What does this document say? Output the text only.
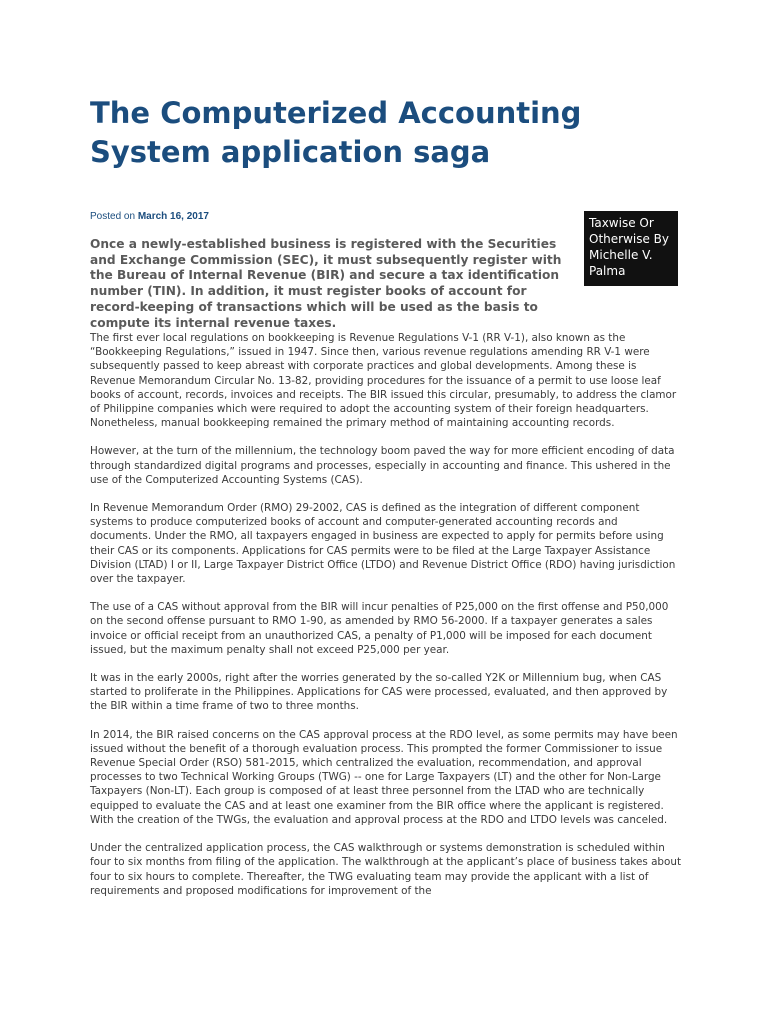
The Computerized Accounting System application saga
Posted on March 16, 2017	Taxwise Or Otherwise By Michelle V. Palma

Once a newly-established business is registered with the Securities and Exchange Commission (SEC), it must subsequently register with the Bureau of Internal Revenue (BIR) and secure a tax identification number (TIN). In addition, it must register books of account for record-keeping of transactions which will be used as the basis to compute its internal revenue taxes.

The first ever local regulations on bookkeeping is Revenue Regulations V-1 (RR V-1), also known as the “Bookkeeping Regulations,” issued in 1947. Since then, various revenue regulations amending RR V-1 were subsequently passed to keep abreast with corporate practices and global developments. Among these is Revenue Memorandum Circular No. 13-82, providing procedures for the issuance of a permit to use loose leaf books of account, records, invoices and receipts. The BIR issued this circular, presumably, to address the clamor of Philippine companies which were required to adopt the accounting system of their foreign headquarters. Nonetheless, manual bookkeeping remained the primary method of maintaining accounting records.

However, at the turn of the millennium, the technology boom paved the way for more efficient encoding of data through standardized digital programs and processes, especially in accounting and finance. This ushered in the use of the Computerized Accounting Systems (CAS).

In Revenue Memorandum Order (RMO) 29-2002, CAS is defined as the integration of different component systems to produce computerized books of account and computer-generated accounting records and documents. Under the RMO, all taxpayers engaged in business are expected to apply for permits before using their CAS or its components. Applications for CAS permits were to be filed at the Large Taxpayer Assistance Division (LTAD) I or II, Large Taxpayer District Office (LTDO) and Revenue District Office (RDO) having jurisdiction over the taxpayer.

The use of a CAS without approval from the BIR will incur penalties of P25,000 on the first offense and P50,000 on the second offense pursuant to RMO 1-90, as amended by RMO 56-2000. If a taxpayer generates a sales invoice or official receipt from an unauthorized CAS, a penalty of P1,000 will be imposed for each document issued, but the maximum penalty shall not exceed P25,000 per year.

It was in the early 2000s, right after the worries generated by the so-called Y2K or Millennium bug, when CAS started to proliferate in the Philippines. Applications for CAS were processed, evaluated, and then approved by the BIR within a time frame of two to three months.

In 2014, the BIR raised concerns on the CAS approval process at the RDO level, as some permits may have been issued without the benefit of a thorough evaluation process. This prompted the former Commissioner to issue Revenue Special Order (RSO) 581-2015, which centralized the evaluation, recommendation, and approval processes to two Technical Working Groups (TWG) -- one for Large Taxpayers (LT) and the other for Non-Large Taxpayers (Non-LT). Each group is composed of at least three personnel from the LTAD who are technically equipped to evaluate the CAS and at least one examiner from the BIR office where the applicant is registered. With the creation of the TWGs, the evaluation and approval process at the RDO and LTDO levels was canceled.

Under the centralized application process, the CAS walkthrough or systems demonstration is scheduled within four to six months from filing of the application. The walkthrough at the applicant’s place of business takes about four to six hours to complete. Thereafter, the TWG evaluating team may provide the applicant with a list of requirements and proposed modifications for improvement of the
